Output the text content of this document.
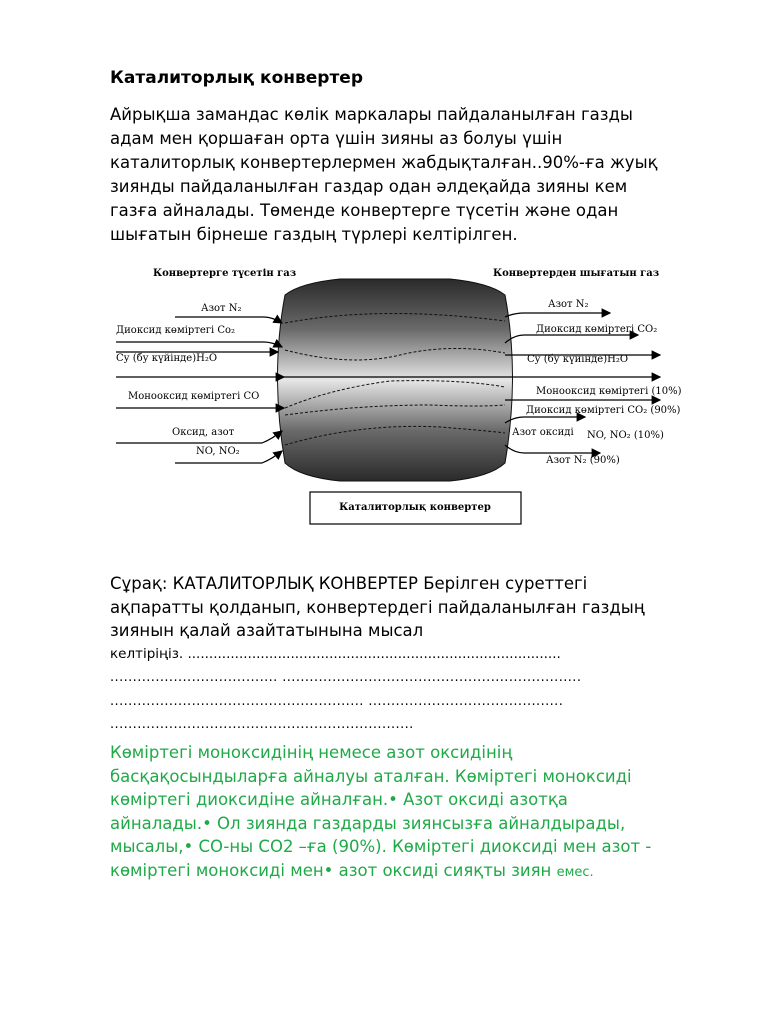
Каталиторлық конвертер
Айрықша замандас көлік маркалары пайдаланылған газды
адам мен қоршаған орта үшін зияны аз болуы үшін
каталиторлық конвертерлермен жабдықталған..90%-ға жуық
зиянды пайдаланылған газдар одан әлдеқайда зияны кем
газға айналады. Төменде конвертерге түсетін және одан
шығатын бірнеше газдың түрлері келтірілген.
Конвертерге түсетін газ	Конвертерден шығатын газ
Азот N₂
Диоксид көміртегі Co₂
Су (бу күйінде)H₂O
Монооксид көміртегі СО
Оксид, азот
NO, NO₂
Азот N₂
Диоксид көміртегі CO₂
Су (бу күйінде)H₂O
Монооксид көміртегі (10%)
Диоксид көміртегі CO₂ (90%)
Азот оксиді NO, NO₂ (10%)
Азот N₂ (90%)
Каталиторлық конвертер
Сұрақ: КАТАЛИТОРЛЫҚ КОНВЕРТЕР Берілген суреттегі
ақпаратты қолданып, конвертердегі пайдаланылған газдың
зиянын қалай азайтатынына мысал
келтіріңіз. .......................................................................................
..................................... ..................................................................
........................................................ ...........................................
...................................................................
Көміртегі моноксидінің немесе азот оксидінің
басқақосындыларға айналуы аталған. Көміртегі моноксиді
көміртегі диоксидіне айналған.• Азот оксиді азотқа
айналады.• Ол зиянда газдарды зиянсызға айналдырады,
мысалы,• CO-ны CO2 –ға (90%). Көміртегі диоксиді мен азот -
көміртегі моноксиді мен• азот оксиді сияқты зиян емес.
